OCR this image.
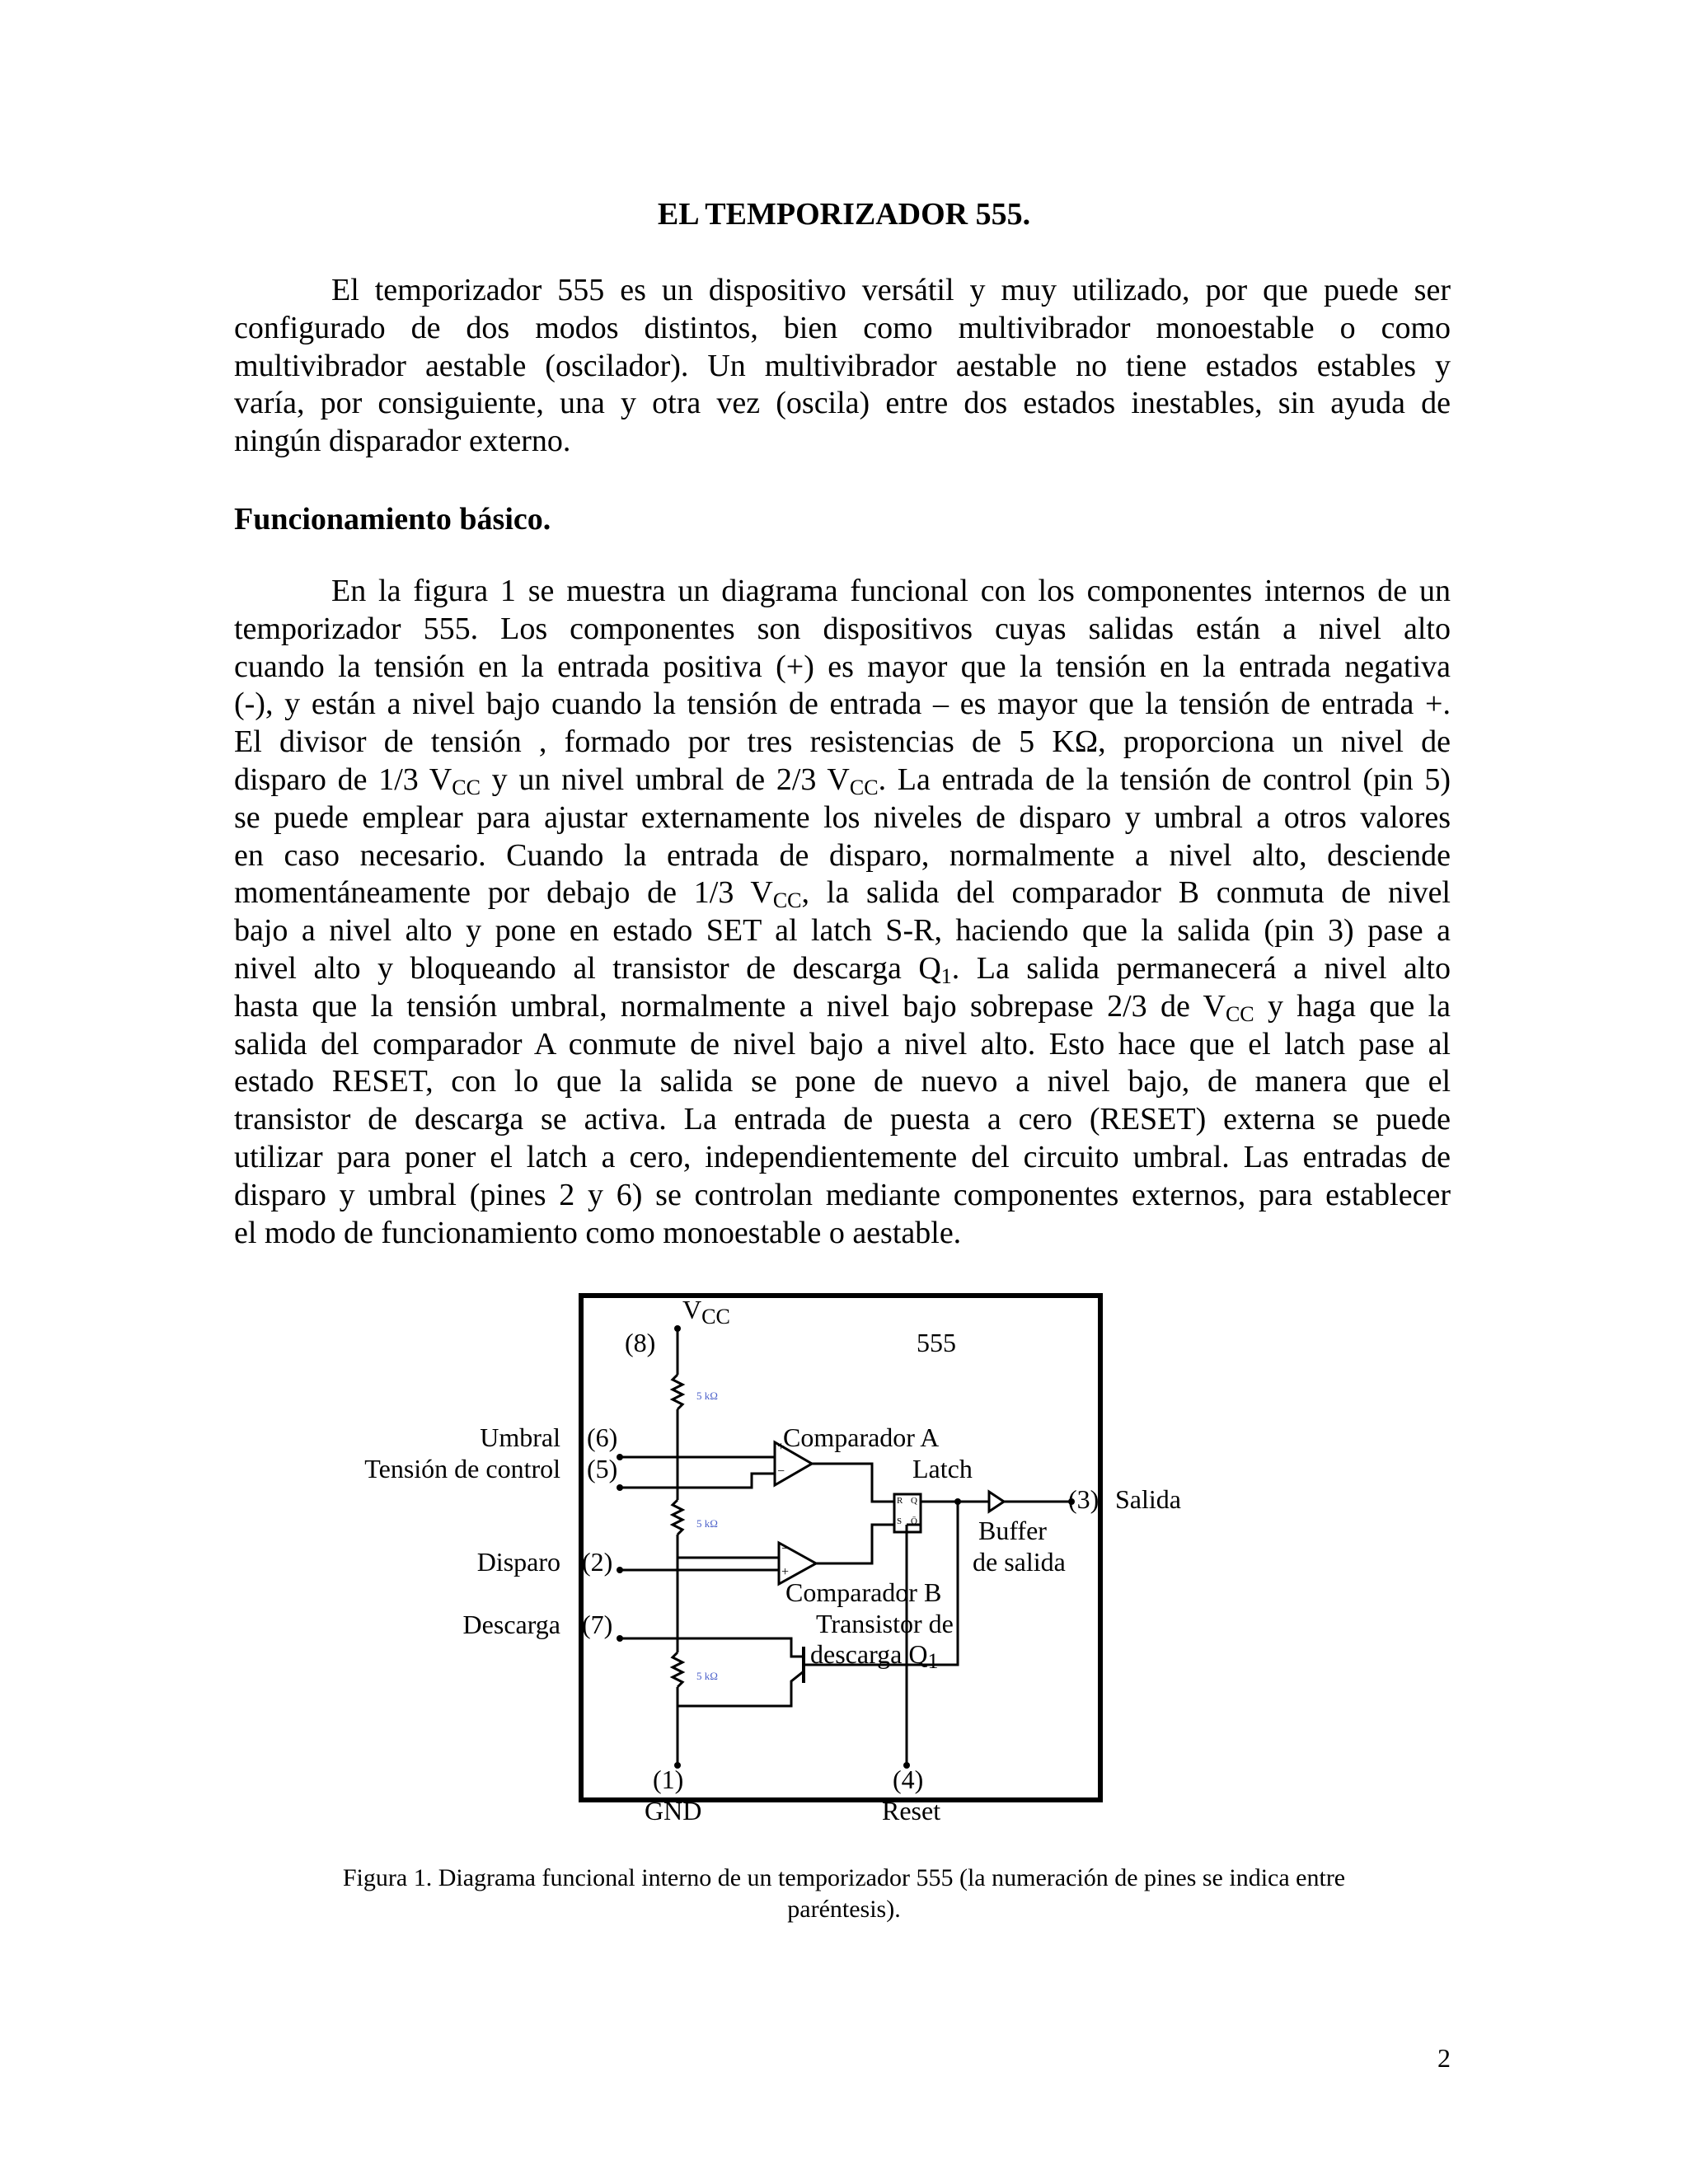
EL TEMPORIZADOR 555.
El temporizador 555 es un dispositivo versátil y muy utilizado, por que puede ser
configurado de dos modos distintos, bien como multivibrador monoestable o como
multivibrador aestable (oscilador). Un multivibrador aestable no tiene estados estables y
varía, por consiguiente, una y otra vez (oscila) entre dos estados inestables, sin ayuda de
ningún disparador externo.
Funcionamiento básico.
En la figura 1 se muestra un diagrama funcional con los componentes internos de un
temporizador 555. Los componentes son dispositivos cuyas salidas están a nivel alto
cuando la tensión en la entrada positiva (+) es mayor que la tensión en la entrada negativa
(-), y están a nivel bajo cuando la tensión de entrada – es mayor que la tensión de entrada +.
El divisor de tensión , formado por tres resistencias de 5 KΩ, proporciona un nivel de
disparo de 1/3 $V_{CC}$ y un nivel umbral de 2/3 $V_{CC}$. La entrada de la tensión de control (pin 5)
se puede emplear para ajustar externamente los niveles de disparo y umbral a otros valores
en caso necesario. Cuando la entrada de disparo, normalmente a nivel alto, desciende
momentáneamente por debajo de 1/3 $V_{CC}$, la salida del comparador B conmuta de nivel
bajo a nivel alto y pone en estado SET al latch S-R, haciendo que la salida (pin 3) pase a
nivel alto y bloqueando al transistor de descarga $Q_1$. La salida permanecerá a nivel alto
hasta que la tensión umbral, normalmente a nivel bajo sobrepase 2/3 de $V_{CC}$ y haga que la
salida del comparador A conmute de nivel bajo a nivel alto. Esto hace que el latch pase al
estado RESET, con lo que la salida se pone de nuevo a nivel bajo, de manera que el
transistor de descarga se activa. La entrada de puesta a cero (RESET) externa se puede
utilizar para poner el latch a cero, independientemente del circuito umbral. Las entradas de
disparo y umbral (pines 2 y 6) se controlan mediante componentes externos, para establecer
el modo de funcionamiento como monoestable o aestable.
$V_{CC}$
(8)	555
5 kΩ
5 kΩ
5 kΩ
Umbral (6)
Tensión de control (5)
Comparador A
Latch
(3) Salida
Buffer
de salida
R Q
S Q̄
+
−
−
+
Disparo (2)
Comparador B
Descarga (7)	Transistor de
descarga $Q_1$
(1)
GND
(4)
Reset
Figura 1. Diagrama funcional interno de un temporizador 555 (la numeración de pines se indica entre
paréntesis).
2
